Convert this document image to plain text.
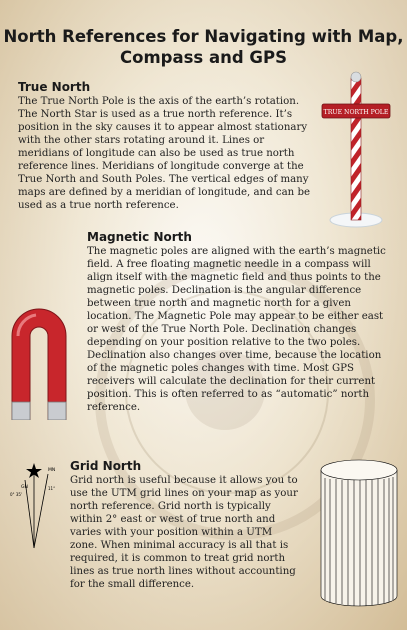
North References for Navigating with Map, Compass and GPS
True North

The True North Pole is the axis of the earth’s rotation. The North Star is used as a true north reference. It’s position in the sky causes it to appear almost stationary with the other stars rotating around it. Lines or meridians of longitude can also be used as true north reference lines. Meridians of longitude converge at the True North and South Poles. The vertical edges of many maps are defined by a meridian of longitude, and can be used as a true north reference.

Magnetic North

The magnetic poles are aligned with the earth’s magnetic field. A free floating magnetic needle in a compass will align itself with the magnetic field and thus points to the magnetic poles. Declination is the angular difference between true north and magnetic north for a given location. The Magnetic Pole may appear to be either east or west of the True North Pole. Declination changes depending on your position relative to the two poles. Declination also changes over time, because the location of the magnetic poles changes with time. Most GPS receivers will calculate the declination for their current position. This is often referred to as “automatic” north reference.

Grid North

Grid north is useful because it allows you to use the UTM grid lines on your map as your north reference. Grid north is typically within 2° east or west of true north and varies with your position within a UTM zone. When minimal accuracy is all that is required, it is common to treat grid north lines as true north lines without accounting for the small difference.

TRUE NORTH POLE
MN
GN
0° 35'
11°
